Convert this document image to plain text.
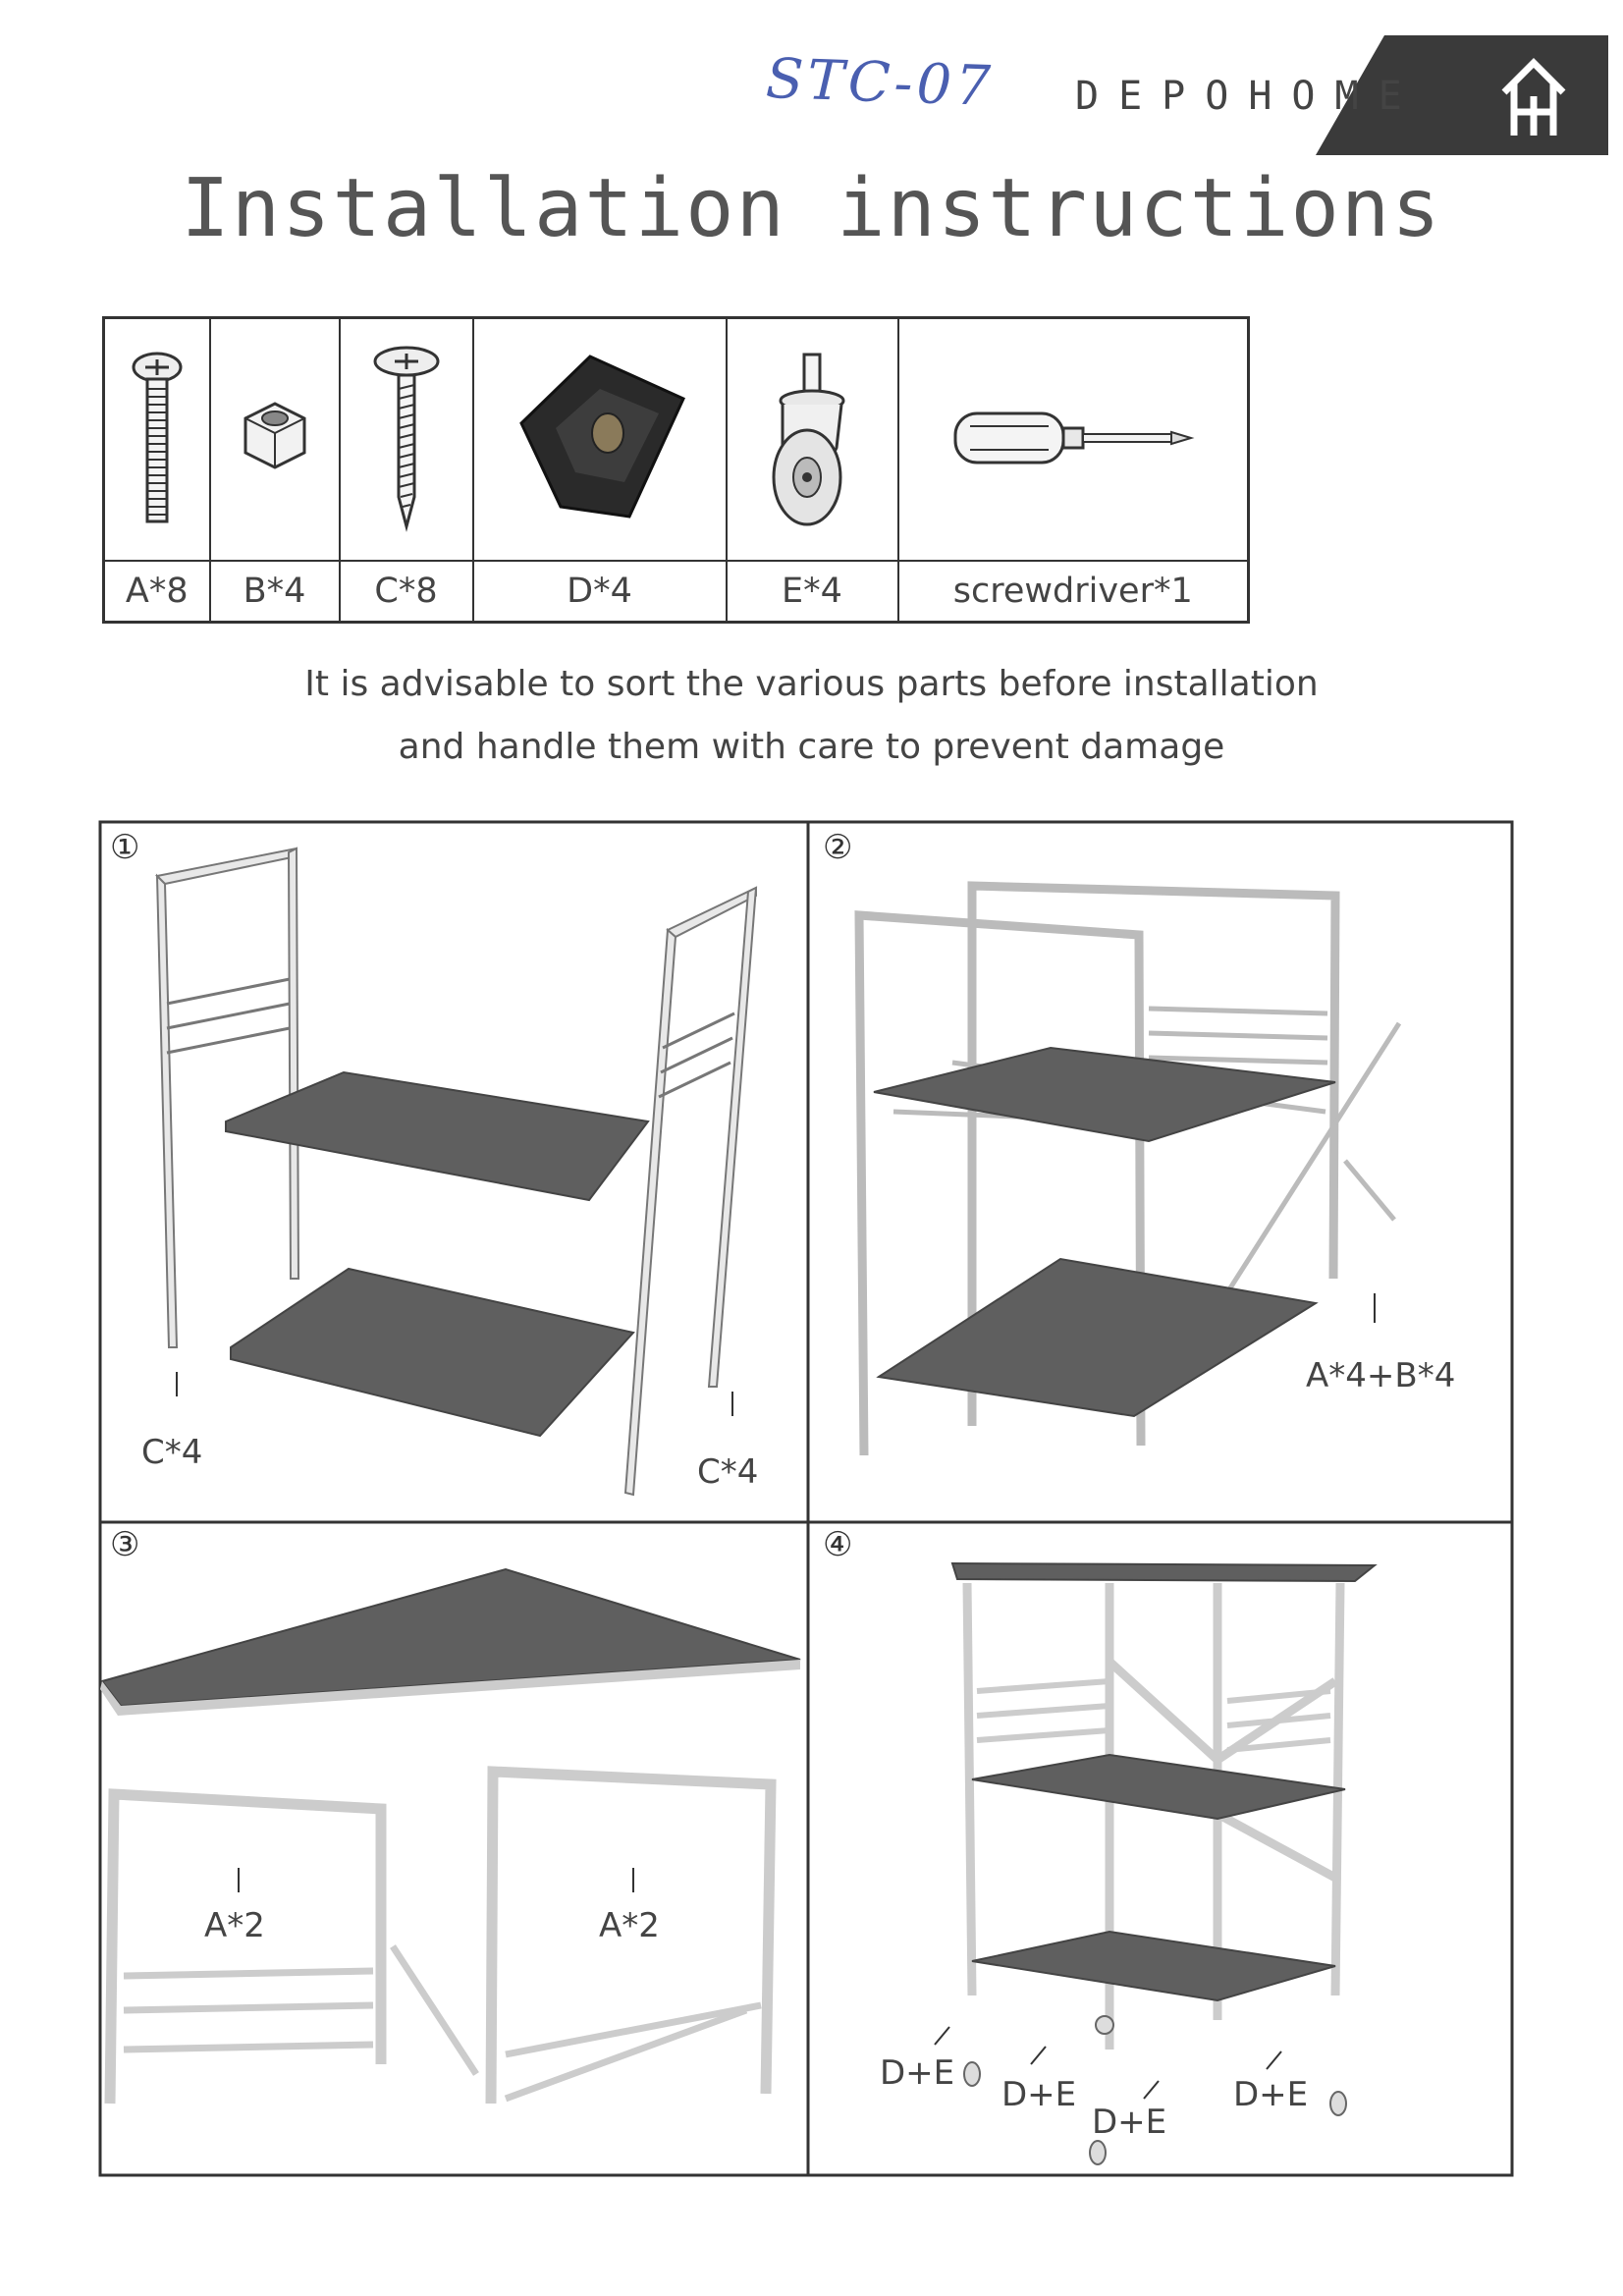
STC-07 DEPOHOME
Installation instructions

A*8	B*4	C*8	D*4	E*4	screwdriver*1
It is advisable to sort the various parts before installation
and handle them with care to prevent damage
①
C*4	C*4
②
A*4+B*4
③
A*2	A*2
④
D+E
D+E
D+E
D+E
